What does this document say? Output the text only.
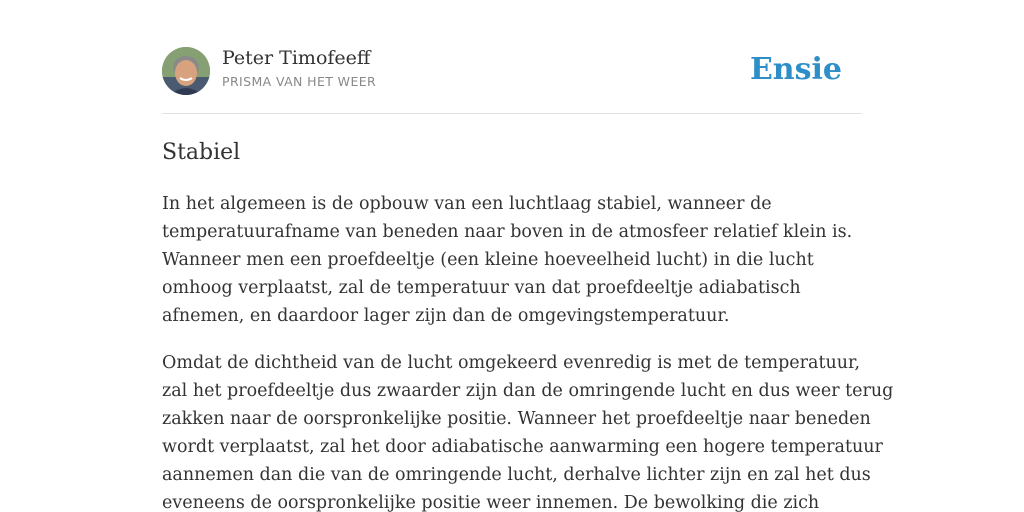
Peter Timofeeff
PRISMA VAN HET WEER	Ensie
Stabiel

In het algemeen is de opbouw van een luchtlaag stabiel, wanneer de
temperatuurafname van beneden naar boven in de atmosfeer relatief klein is.
Wanneer men een proefdeeltje (een kleine hoeveelheid lucht) in die lucht
omhoog verplaatst, zal de temperatuur van dat proefdeeltje adiabatisch
afnemen, en daardoor lager zijn dan de omgevingstemperatuur.

Omdat de dichtheid van de lucht omgekeerd evenredig is met de temperatuur,
zal het proefdeeltje dus zwaarder zijn dan de omringende lucht en dus weer terug
zakken naar de oorspronkelijke positie. Wanneer het proefdeeltje naar beneden
wordt verplaatst, zal het door adiabatische aanwarming een hogere temperatuur
aannemen dan die van de omringende lucht, derhalve lichter zijn en zal het dus
eveneens de oorspronkelijke positie weer innemen. De bewolking die zich
